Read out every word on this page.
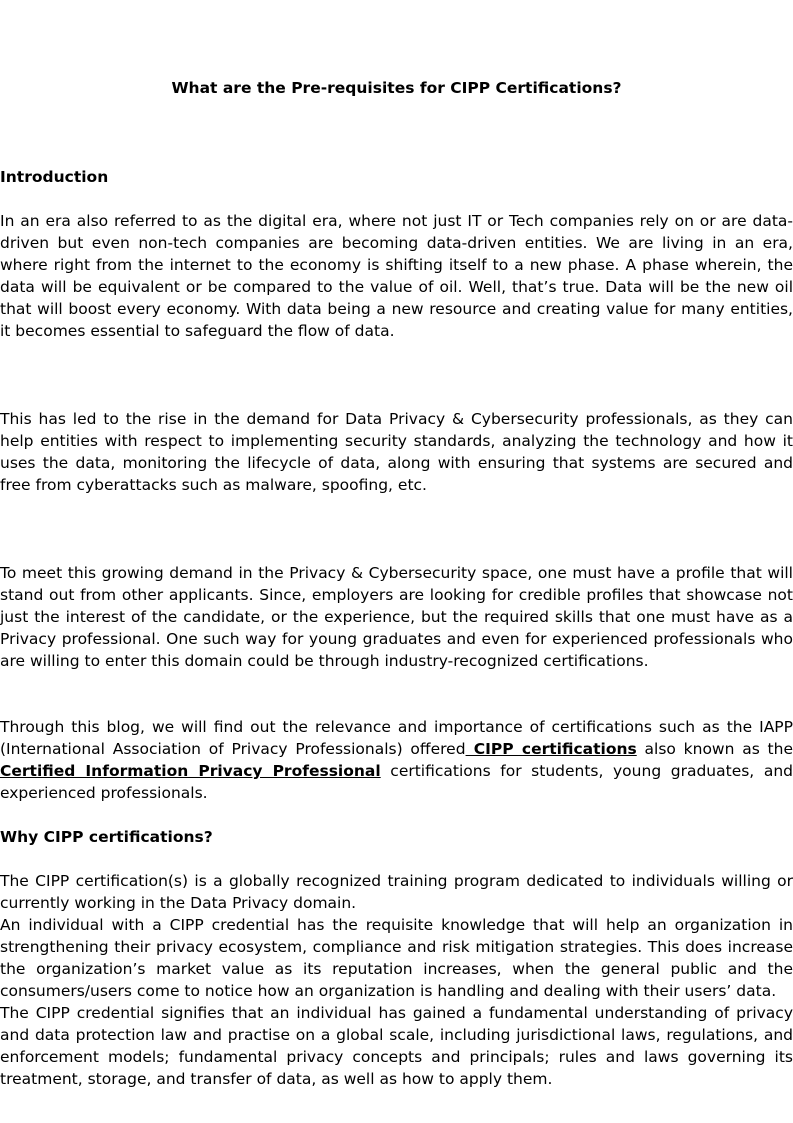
What are the Pre-requisites for CIPP Certifications?

Introduction

In an era also referred to as the digital era, where not just IT or Tech companies rely on or are data-driven but even non-tech companies are becoming data-driven entities. We are living in an era, where right from the internet to the economy is shifting itself to a new phase. A phase wherein, the data will be equivalent or be compared to the value of oil. Well, that’s true. Data will be the new oil that will boost every economy. With data being a new resource and creating value for many entities, it becomes essential to safeguard the flow of data.

This has led to the rise in the demand for Data Privacy & Cybersecurity professionals, as they can help entities with respect to implementing security standards, analyzing the technology and how it uses the data, monitoring the lifecycle of data, along with ensuring that systems are secured and free from cyberattacks such as malware, spoofing, etc.

To meet this growing demand in the Privacy & Cybersecurity space, one must have a profile that will stand out from other applicants. Since, employers are looking for credible profiles that showcase not just the interest of the candidate, or the experience, but the required skills that one must have as a Privacy professional. One such way for young graduates and even for experienced professionals who are willing to enter this domain could be through industry-recognized certifications.

Through this blog, we will find out the relevance and importance of certifications such as the IAPP (International Association of Privacy Professionals) offered CIPP certifications also known as the Certified Information Privacy Professional certifications for students, young graduates, and experienced professionals.

Why CIPP certifications?

The CIPP certification(s) is a globally recognized training program dedicated to individuals willing or currently working in the Data Privacy domain.
An individual with a CIPP credential has the requisite knowledge that will help an organization in strengthening their privacy ecosystem, compliance and risk mitigation strategies. This does increase the organization’s market value as its reputation increases, when the general public and the consumers/users come to notice how an organization is handling and dealing with their users’ data.
The CIPP credential signifies that an individual has gained a fundamental understanding of privacy and data protection law and practise on a global scale, including jurisdictional laws, regulations, and enforcement models; fundamental privacy concepts and principals; rules and laws governing its treatment, storage, and transfer of data, as well as how to apply them.
